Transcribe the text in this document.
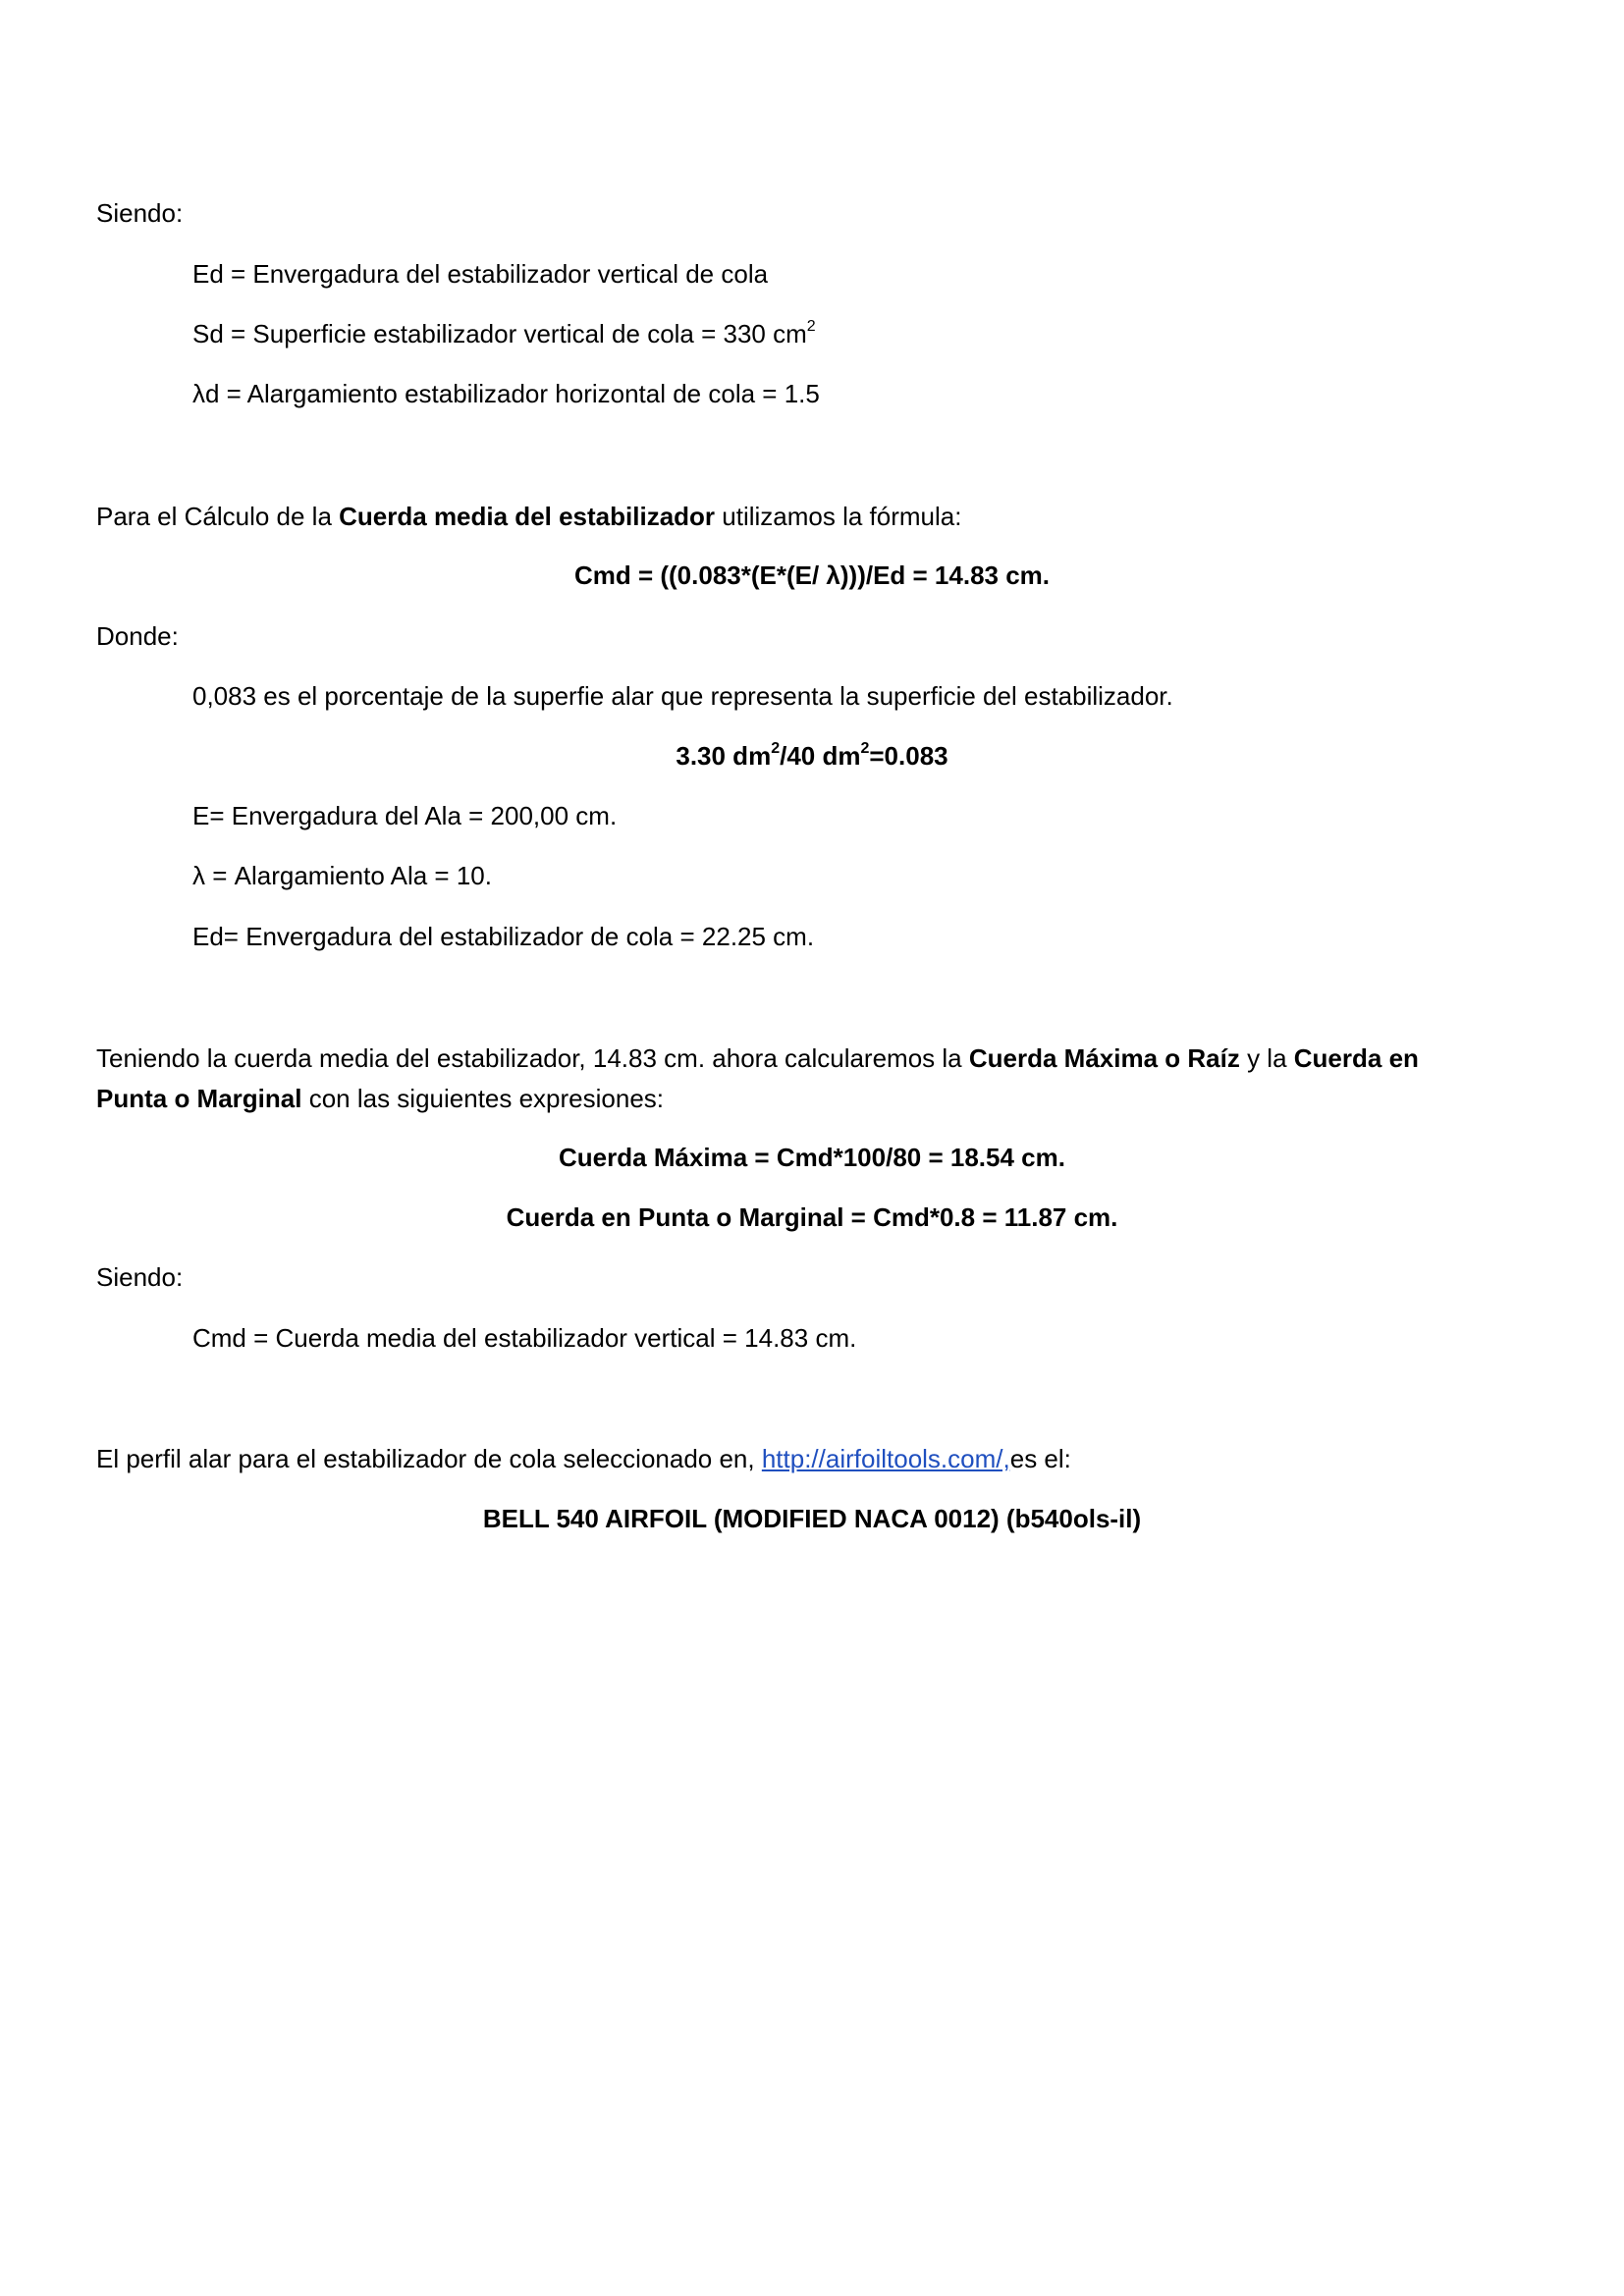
Siendo:
Ed = Envergadura del estabilizador vertical de cola
Sd = Superficie estabilizador vertical de cola = 330 $cm^2$
λd = Alargamiento estabilizador horizontal de cola = 1.5
Para el Cálculo de la Cuerda media del estabilizador utilizamos la fórmula:
Cmd = ((0.083*(E*(E/ λ)))/Ed = 14.83 cm.
Donde:
0,083 es el porcentaje de la superfie alar que representa la superficie del estabilizador.
3.30 $dm^2/40$ $dm^2=0.083$
E= Envergadura del Ala = 200,00 cm.
λ = Alargamiento Ala = 10.
Ed= Envergadura del estabilizador de cola = 22.25 cm.
Teniendo la cuerda media del estabilizador, 14.83 cm. ahora calcularemos la Cuerda Máxima o Raíz y la Cuerda en
Punta o Marginal con las siguientes expresiones:
Cuerda Máxima = Cmd*100/80 = 18.54 cm.
Cuerda en Punta o Marginal = Cmd*0.8 = 11.87 cm.
Siendo:
Cmd = Cuerda media del estabilizador vertical = 14.83 cm.
El perfil alar para el estabilizador de cola seleccionado en, http://airfoiltools.com/,es el:
BELL 540 AIRFOIL (MODIFIED NACA 0012) (b540ols-il)
